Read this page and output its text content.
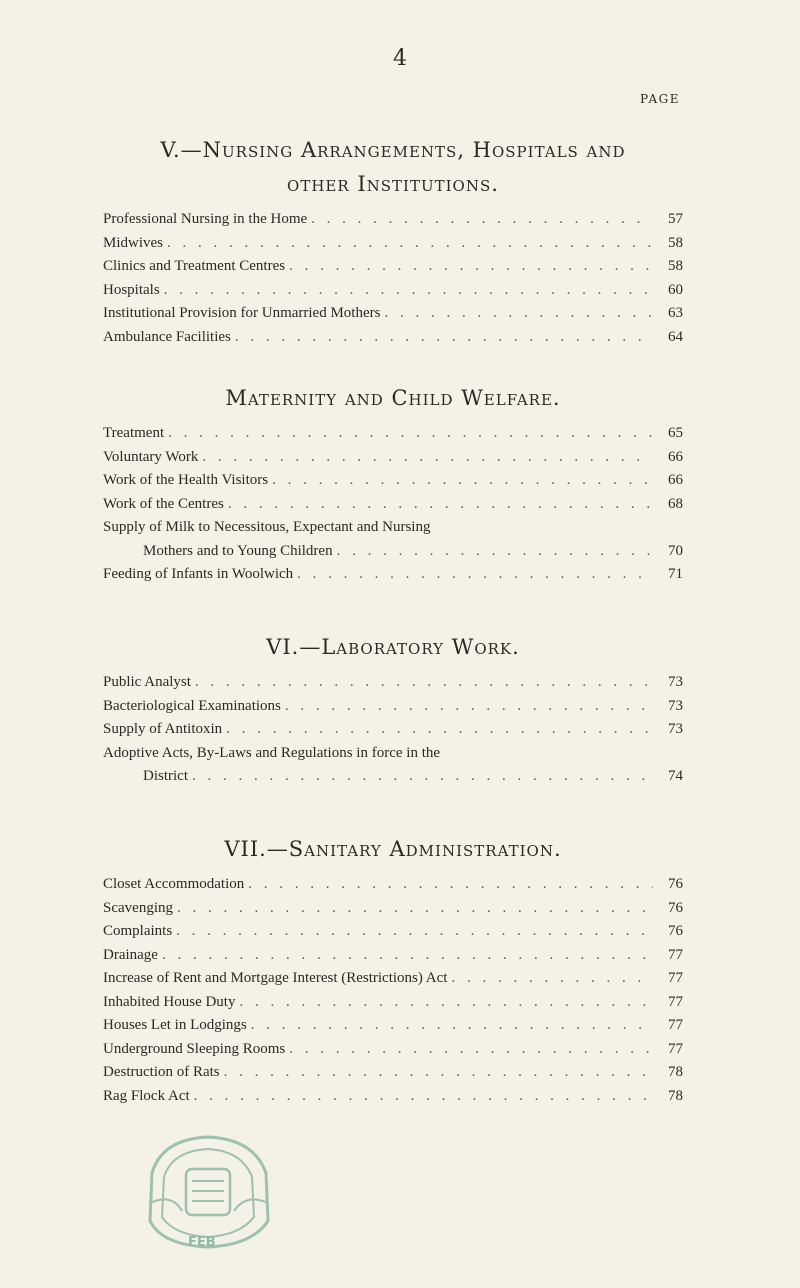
4
PAGE
V.—Nursing Arrangements, Hospitals and
other Institutions.
Professional Nursing in the Home . . .	57
Midwives . . .	58
Clinics and Treatment Centres . . .	58
Hospitals . . .	60
Institutional Provision for Unmarried Mothers . . .	63
Ambulance Facilities . . .	64
Maternity and Child Welfare.
Treatment . . .	65
Voluntary Work . . .	66
Work of the Health Visitors . . .	66
Work of the Centres . . .	68
Supply of Milk to Necessitous, Expectant and Nursing
Mothers and to Young Children . . .	70
Feeding of Infants in Woolwich . . .	71
VI.—Laboratory Work.
Public Analyst . . .	73
Bacteriological Examinations . . .	73
Supply of Antitoxin . . .	73
Adoptive Acts, By-Laws and Regulations in force in the
District . . .	74
VII.—Sanitary Administration.
Closet Accommodation . . .	76
Scavenging . . .	76
Complaints . . .	76
Drainage . . .	77
Increase of Rent and Mortgage Interest (Restrictions) Act . . .	77
Inhabited House Duty . . .	77
Houses Let in Lodgings . . .	77
Underground Sleeping Rooms . . .	77
Destruction of Rats . . .	78
Rag Flock Act . . .	78
FEB
